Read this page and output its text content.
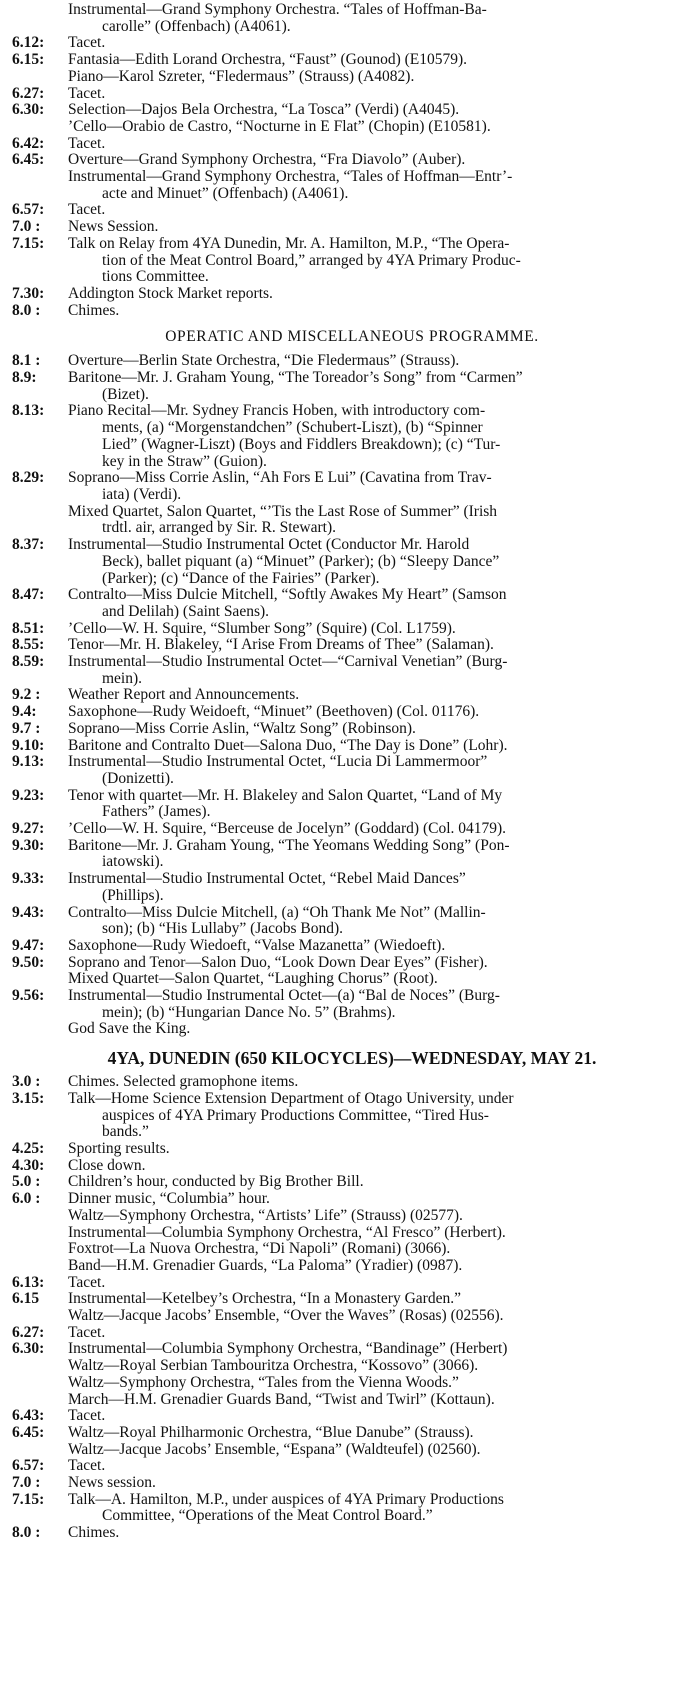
Instrumental—Grand Symphony Orchestra. “Tales of Hoffman-Ba-
carolle” (Offenbach) (A4061).
6.12: Tacet.
6.15: Fantasia—Edith Lorand Orchestra, “Faust” (Gounod) (E10579).
Piano—Karol Szreter, “Fledermaus” (Strauss) (A4082).
6.27: Tacet.
6.30: Selection—Dajos Bela Orchestra, “La Tosca” (Verdi) (A4045).
’Cello—Orabio de Castro, “Nocturne in E Flat” (Chopin) (E10581).
6.42: Tacet.
6.45: Overture—Grand Symphony Orchestra, “Fra Diavolo” (Auber).
Instrumental—Grand Symphony Orchestra, “Tales of Hoffman—Entr’-
acte and Minuet” (Offenbach) (A4061).
6.57: Tacet.
7.0 : News Session.
7.15: Talk on Relay from 4YA Dunedin, Mr. A. Hamilton, M.P., “The Opera-
tion of the Meat Control Board,” arranged by 4YA Primary Produc-
tions Committee.
7.30: Addington Stock Market reports.
8.0 : Chimes.
OPERATIC AND MISCELLANEOUS PROGRAMME.
8.1 : Overture—Berlin State Orchestra, “Die Fledermaus” (Strauss).
8.9: Baritone—Mr. J. Graham Young, “The Toreador’s Song” from “Carmen”
(Bizet).
8.13: Piano Recital—Mr. Sydney Francis Hoben, with introductory com-
ments, (a) “Morgenstandchen” (Schubert-Liszt), (b) “Spinner
Lied” (Wagner-Liszt) (Boys and Fiddlers Breakdown); (c) “Tur-
key in the Straw” (Guion).
8.29: Soprano—Miss Corrie Aslin, “Ah Fors E Lui” (Cavatina from Trav-
iata) (Verdi).
Mixed Quartet, Salon Quartet, “’Tis the Last Rose of Summer” (Irish
trdtl. air, arranged by Sir. R. Stewart).
8.37: Instrumental—Studio Instrumental Octet (Conductor Mr. Harold
Beck), ballet piquant (a) “Minuet” (Parker); (b) “Sleepy Dance”
(Parker); (c) “Dance of the Fairies” (Parker).
8.47: Contralto—Miss Dulcie Mitchell, “Softly Awakes My Heart” (Samson
and Delilah) (Saint Saens).
8.51: ’Cello—W. H. Squire, “Slumber Song” (Squire) (Col. L1759).
8.55: Tenor—Mr. H. Blakeley, “I Arise From Dreams of Thee” (Salaman).
8.59: Instrumental—Studio Instrumental Octet—“Carnival Venetian” (Burg-
mein).
9.2 : Weather Report and Announcements.
9.4: Saxophone—Rudy Weidoeft, “Minuet” (Beethoven) (Col. 01176).
9.7 : Soprano—Miss Corrie Aslin, “Waltz Song” (Robinson).
9.10: Baritone and Contralto Duet—Salona Duo, “The Day is Done” (Lohr).
9.13: Instrumental—Studio Instrumental Octet, “Lucia Di Lammermoor”
(Donizetti).
9.23: Tenor with quartet—Mr. H. Blakeley and Salon Quartet, “Land of My
Fathers” (James).
9.27: ’Cello—W. H. Squire, “Berceuse de Jocelyn” (Goddard) (Col. 04179).
9.30: Baritone—Mr. J. Graham Young, “The Yeomans Wedding Song” (Pon-
iatowski).
9.33: Instrumental—Studio Instrumental Octet, “Rebel Maid Dances”
(Phillips).
9.43: Contralto—Miss Dulcie Mitchell, (a) “Oh Thank Me Not” (Mallin-
son); (b) “His Lullaby” (Jacobs Bond).
9.47: Saxophone—Rudy Wiedoeft, “Valse Mazanetta” (Wiedoeft).
9.50: Soprano and Tenor—Salon Duo, “Look Down Dear Eyes” (Fisher).
Mixed Quartet—Salon Quartet, “Laughing Chorus” (Root).
9.56: Instrumental—Studio Instrumental Octet—(a) “Bal de Noces” (Burg-
mein); (b) “Hungarian Dance No. 5” (Brahms).
God Save the King.
4YA, DUNEDIN (650 KILOCYCLES)—WEDNESDAY, MAY 21.
3.0 : Chimes. Selected gramophone items.
3.15: Talk—Home Science Extension Department of Otago University, under
auspices of 4YA Primary Productions Committee, “Tired Hus-
bands.”
4.25: Sporting results.
4.30: Close down.
5.0 : Children’s hour, conducted by Big Brother Bill.
6.0 : Dinner music, “Columbia” hour.
Waltz—Symphony Orchestra, “Artists’ Life” (Strauss) (02577).
Instrumental—Columbia Symphony Orchestra, “Al Fresco” (Herbert).
Foxtrot—La Nuova Orchestra, “Di Napoli” (Romani) (3066).
Band—H.M. Grenadier Guards, “La Paloma” (Yradier) (0987).
6.13: Tacet.
6.15 Instrumental—Ketelbey’s Orchestra, “In a Monastery Garden.”
Waltz—Jacque Jacobs’ Ensemble, “Over the Waves” (Rosas) (02556).
6.27: Tacet.
6.30: Instrumental—Columbia Symphony Orchestra, “Bandinage” (Herbert)
Waltz—Royal Serbian Tambouritza Orchestra, “Kossovo” (3066).
Waltz—Symphony Orchestra, “Tales from the Vienna Woods.”
March—H.M. Grenadier Guards Band, “Twist and Twirl” (Kottaun).
6.43: Tacet.
6.45: Waltz—Royal Philharmonic Orchestra, “Blue Danube” (Strauss).
Waltz—Jacque Jacobs’ Ensemble, “Espana” (Waldteufel) (02560).
6.57: Tacet.
7.0 : News session.
7.15: Talk—A. Hamilton, M.P., under auspices of 4YA Primary Productions
Committee, “Operations of the Meat Control Board.”
8.0 : Chimes.
